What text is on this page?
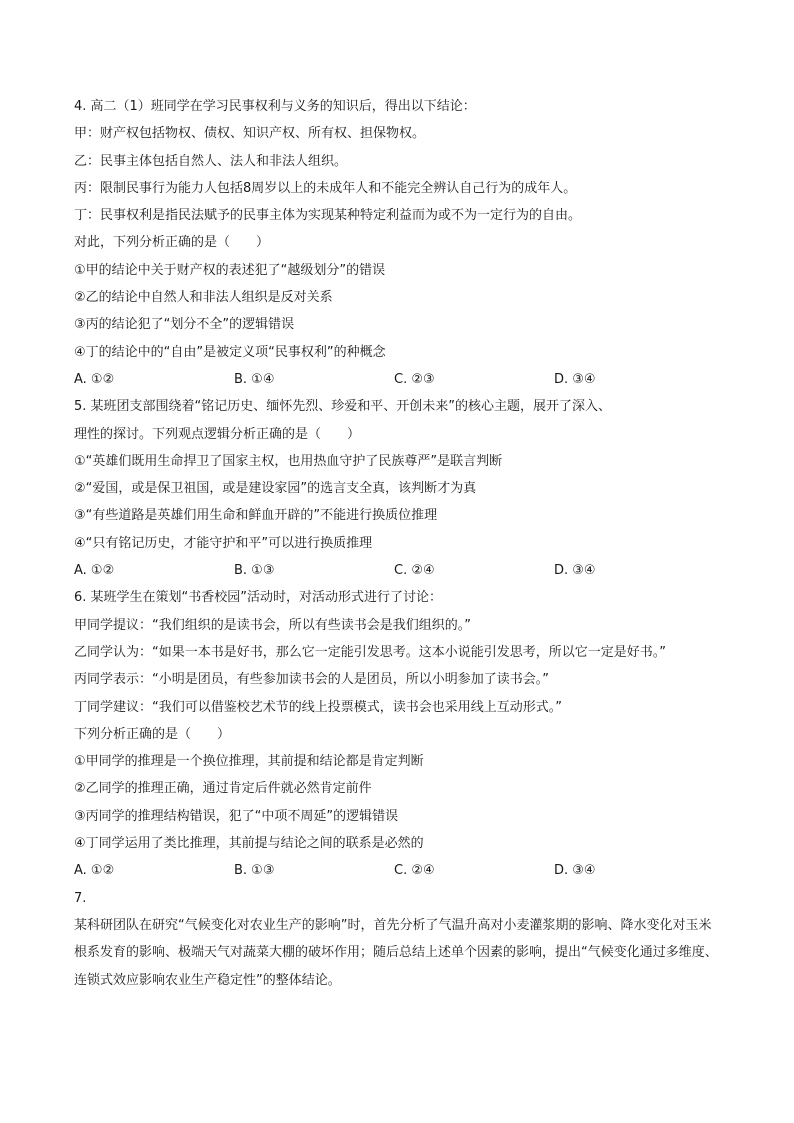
4. 高二（1）班同学在学习民事权利与义务的知识后，得出以下结论：
甲：财产权包括物权、债权、知识产权、所有权、担保物权。
乙：民事主体包括自然人、法人和非法人组织。
丙：限制民事行为能力人包括8周岁以上的未成年人和不能完全辨认自己行为的成年人。
丁：民事权利是指民法赋予的民事主体为实现某种特定利益而为或不为一定行为的自由。
对此，下列分析正确的是（　　）
①甲的结论中关于财产权的表述犯了“越级划分”的错误
②乙的结论中自然人和非法人组织是反对关系
③丙的结论犯了“划分不全”的逻辑错误
④丁的结论中的“自由”是被定义项“民事权利”的种概念
A. ①②	B. ①④	C. ②③	D. ③④
5. 某班团支部围绕着“铭记历史、缅怀先烈、珍爱和平、开创未来”的核心主题，展开了深入、
理性的探讨。下列观点逻辑分析正确的是（　　）
①“英雄们既用生命捍卫了国家主权，也用热血守护了民族尊严”是联言判断
②“爱国，或是保卫祖国，或是建设家园”的选言支全真，该判断才为真
③“有些道路是英雄们用生命和鲜血开辟的”不能进行换质位推理
④“只有铭记历史，才能守护和平”可以进行换质推理
A. ①②	B. ①③	C. ②④	D. ③④
6. 某班学生在策划“书香校园”活动时，对活动形式进行了讨论：
甲同学提议：“我们组织的是读书会，所以有些读书会是我们组织的。”
乙同学认为：“如果一本书是好书，那么它一定能引发思考。这本小说能引发思考，所以它一定是好书。”
丙同学表示：“小明是团员，有些参加读书会的人是团员，所以小明参加了读书会。”
丁同学建议：“我们可以借鉴校艺术节的线上投票模式，读书会也采用线上互动形式。”
下列分析正确的是（　　）
①甲同学的推理是一个换位推理，其前提和结论都是肯定判断
②乙同学的推理正确，通过肯定后件就必然肯定前件
③丙同学的推理结构错误，犯了“中项不周延”的逻辑错误
④丁同学运用了类比推理，其前提与结论之间的联系是必然的
A. ①②	B. ①③	C. ②④	D. ③④
7.
某科研团队在研究“气候变化对农业生产的影响”时，首先分析了气温升高对小麦灌浆期的影响、降水变化对玉米根系发育的影响、极端天气对蔬菜大棚的破坏作用；随后总结上述单个因素的影响，提出“气候变化通过多维度、连锁式效应影响农业生产稳定性”的整体结论。
